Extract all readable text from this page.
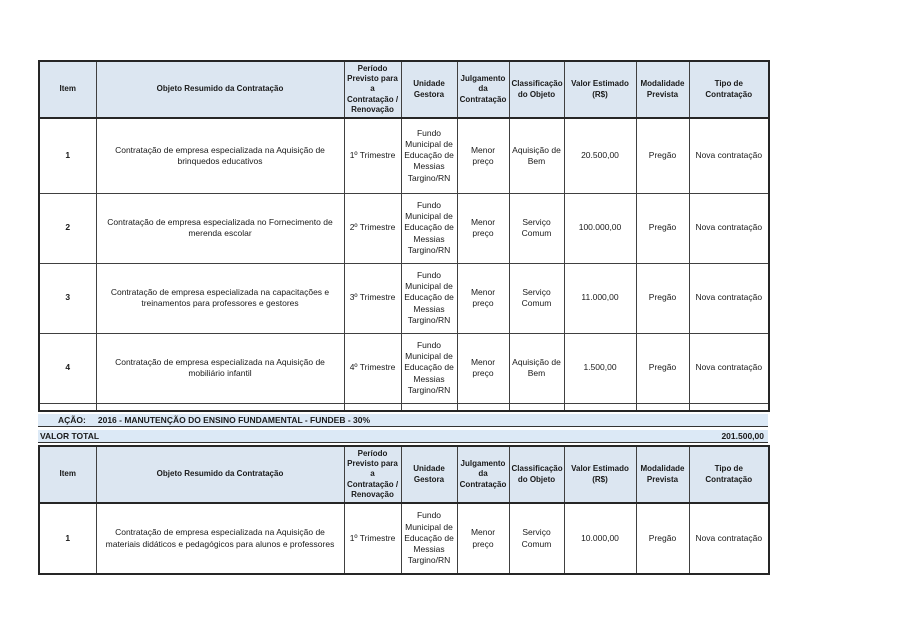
Item	Objeto Resumido da Contratação	Período Previsto para a Contratação / Renovação	Unidade Gestora	Julgamento da Contratação	Classificação do Objeto	Valor Estimado (R$)	Modalidade Prevista	Tipo de Contratação
1	Contratação de empresa especializada na Aquisição de brinquedos educativos	1º Trimestre	Fundo Municipal de Educação de Messias Targino/RN	Menor preço	Aquisição de Bem	20.500,00	Pregão	Nova contratação
2	Contratação de empresa especializada no Fornecimento de merenda escolar	2º Trimestre	Fundo Municipal de Educação de Messias Targino/RN	Menor preço	Serviço Comum	100.000,00	Pregão	Nova contratação
3	Contratação de empresa especializada na capacitações e treinamentos para professores e gestores	3º Trimestre	Fundo Municipal de Educação de Messias Targino/RN	Menor preço	Serviço Comum	11.000,00	Pregão	Nova contratação
4	Contratação de empresa especializada na Aquisição de mobiliário infantil	4º Trimestre	Fundo Municipal de Educação de Messias Targino/RN	Menor preço	Aquisição de Bem	1.500,00	Pregão	Nova contratação

AÇÃO: 2016 - MANUTENÇÃO DO ENSINO FUNDAMENTAL - FUNDEB - 30%
VALOR TOTAL	201.500,00
Item	Objeto Resumido da Contratação	Período Previsto para a Contratação / Renovação	Unidade Gestora	Julgamento da Contratação	Classificação do Objeto	Valor Estimado (R$)	Modalidade Prevista	Tipo de Contratação
1	Contratação de empresa especializada na Aquisição de materiais didáticos e pedagógicos para alunos e professores	1º Trimestre	Fundo Municipal de Educação de Messias Targino/RN	Menor preço	Serviço Comum	10.000,00	Pregão	Nova contratação
